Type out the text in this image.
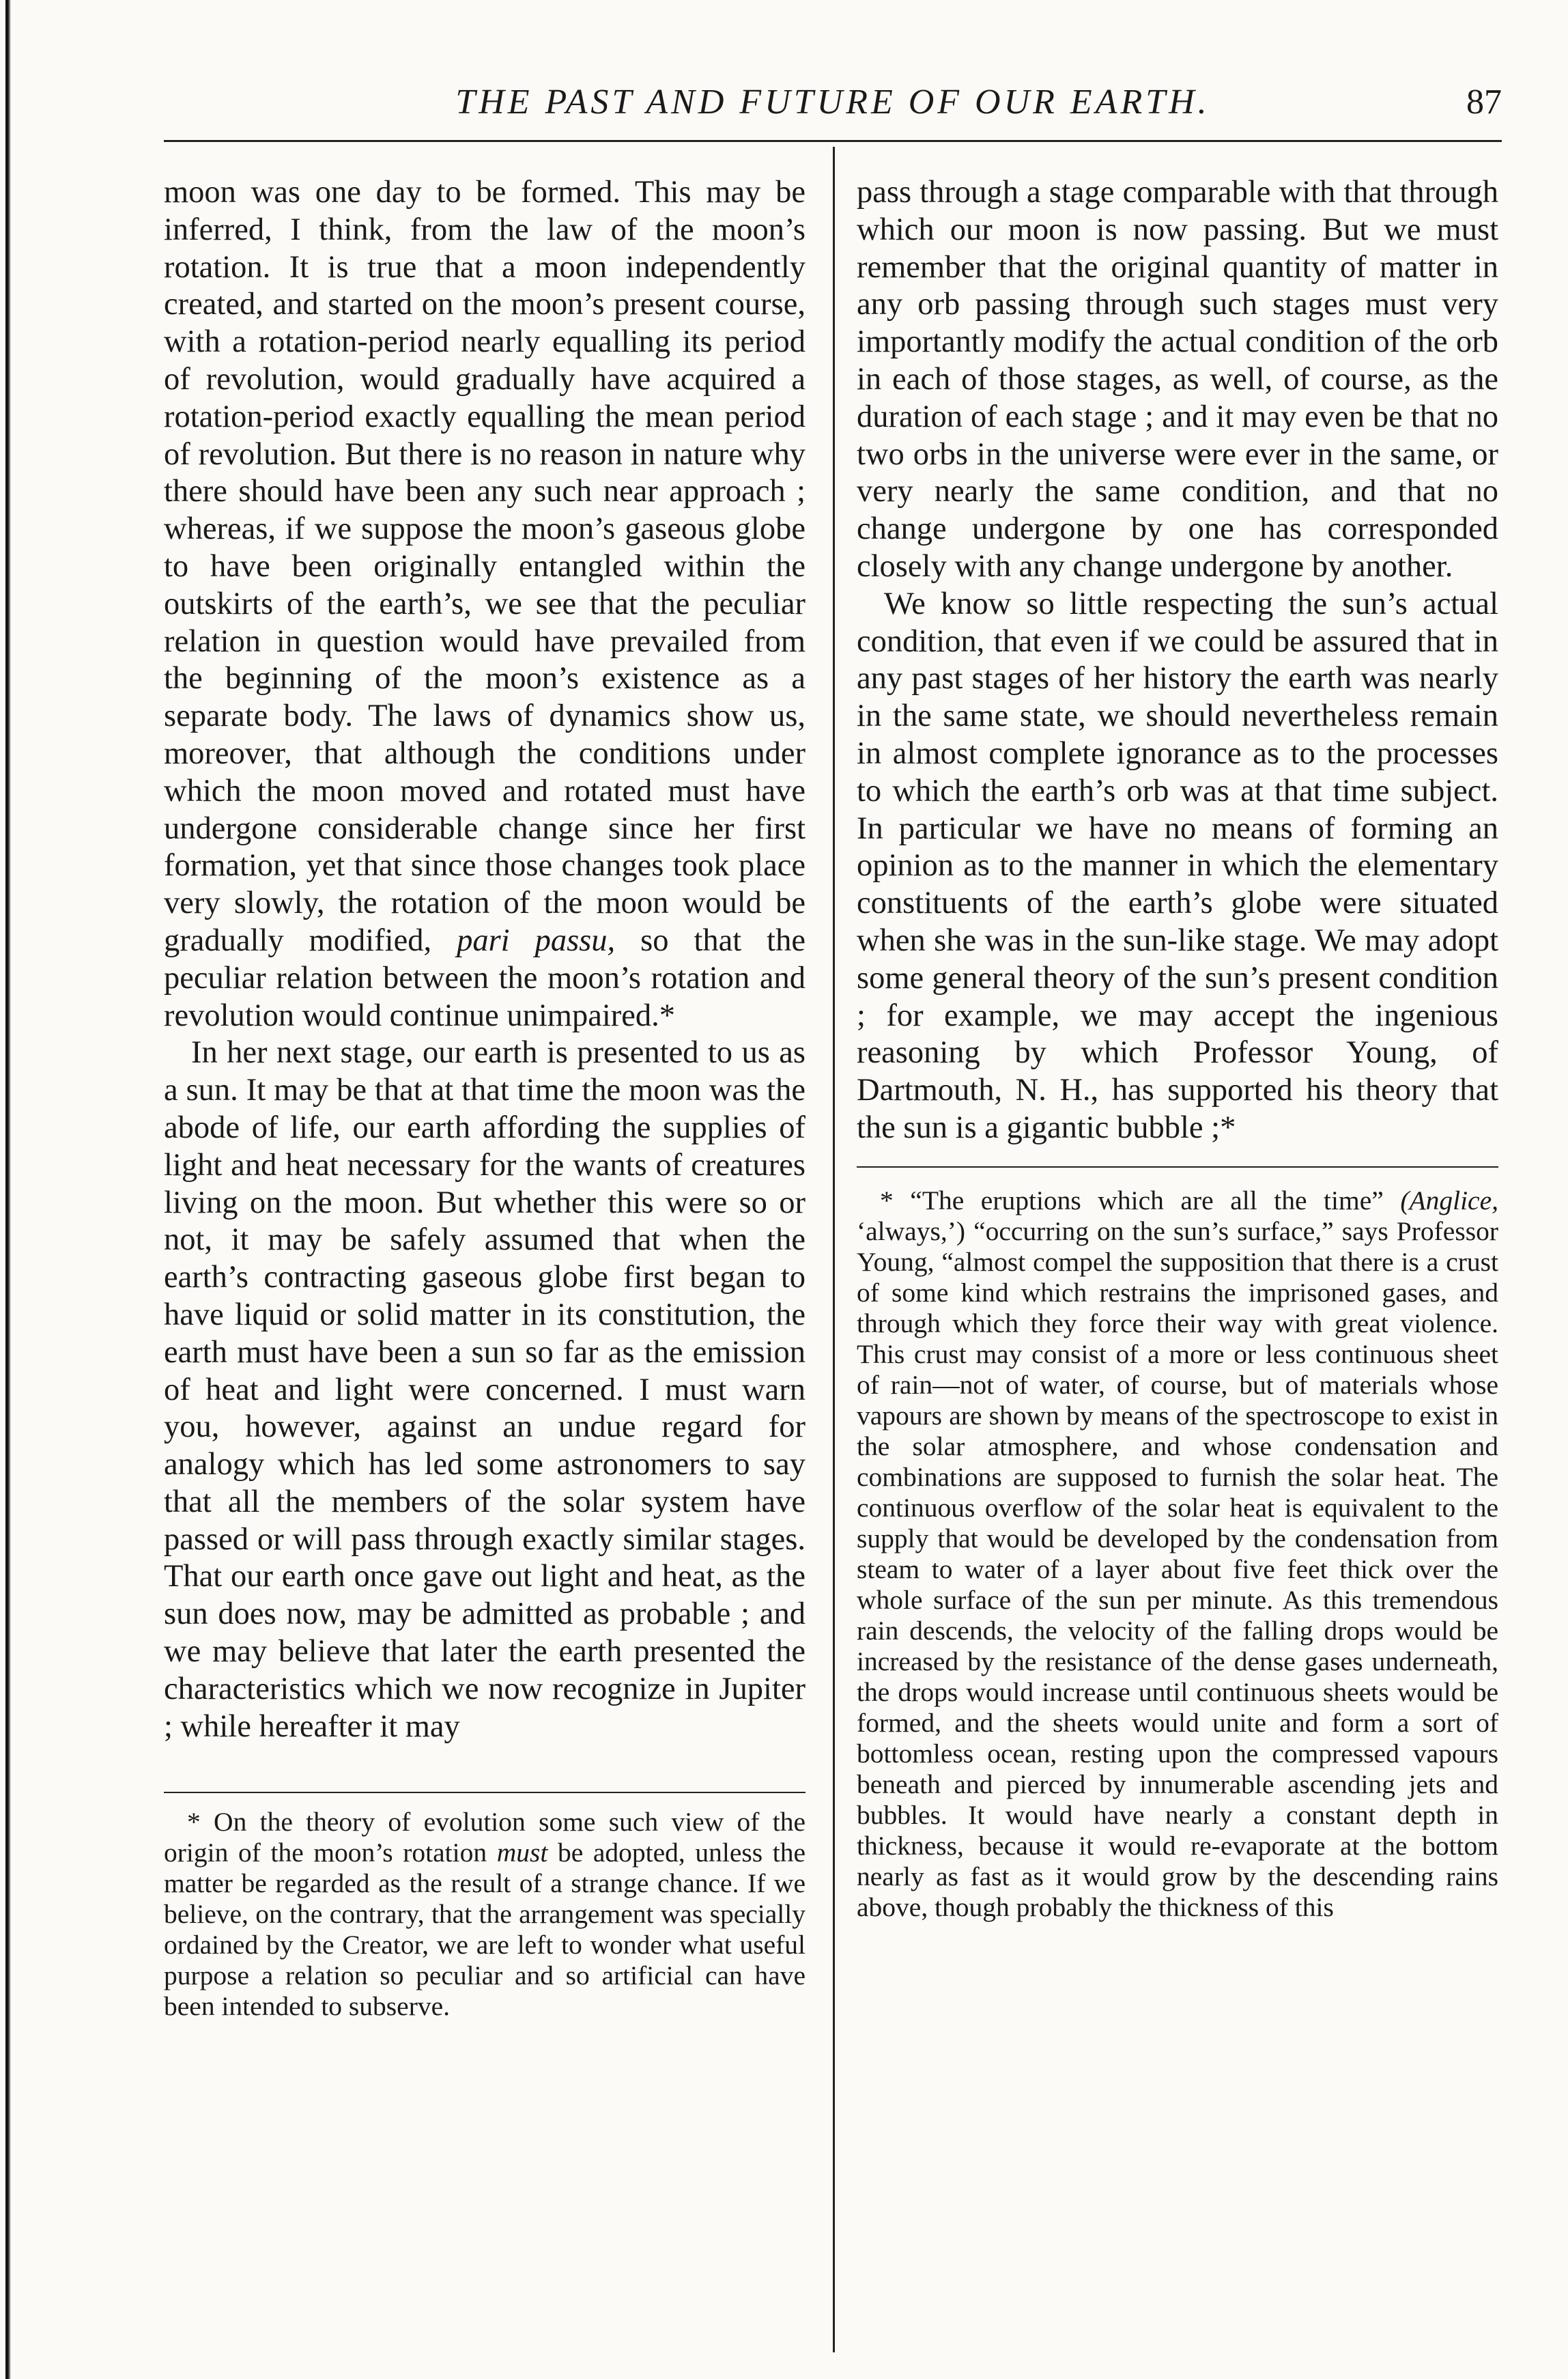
THE PAST AND FUTURE OF OUR EARTH.	87

moon was one day to be formed. This may be inferred, I think, from the law of the moon’s rotation. It is true that a moon independently created, and started on the moon’s present course, with a rotation-period nearly equalling its period of revolution, would gradually have acquired a rotation-period exactly equalling the mean period of revolution. But there is no reason in nature why there should have been any such near approach ; whereas, if we suppose the moon’s gaseous globe to have been originally entangled within the outskirts of the earth’s, we see that the peculiar relation in question would have prevailed from the beginning of the moon’s existence as a separate body. The laws of dynamics show us, moreover, that although the conditions under which the moon moved and rotated must have undergone considerable change since her first formation, yet that since those changes took place very slowly, the rotation of the moon would be gradually modified, pari passu, so that the peculiar relation between the moon’s rotation and revolution would continue unimpaired.*

In her next stage, our earth is presented to us as a sun. It may be that at that time the moon was the abode of life, our earth affording the supplies of light and heat necessary for the wants of creatures living on the moon. But whether this were so or not, it may be safely assumed that when the earth’s contracting gaseous globe first began to have liquid or solid matter in its constitution, the earth must have been a sun so far as the emission of heat and light were concerned. I must warn you, however, against an undue regard for analogy which has led some astronomers to say that all the members of the solar system have passed or will pass through exactly similar stages. That our earth once gave out light and heat, as the sun does now, may be admitted as probable ; and we may believe that later the earth presented the characteristics which we now recognize in Jupiter ; while hereafter it may

* On the theory of evolution some such view of the origin of the moon’s rotation must be adopted, unless the matter be regarded as the result of a strange chance. If we believe, on the contrary, that the arrangement was specially ordained by the Creator, we are left to wonder what useful purpose a relation so peculiar and so artificial can have been intended to subserve.

pass through a stage comparable with that through which our moon is now passing. But we must remember that the original quantity of matter in any orb passing through such stages must very importantly modify the actual condition of the orb in each of those stages, as well, of course, as the duration of each stage ; and it may even be that no two orbs in the universe were ever in the same, or very nearly the same condition, and that no change undergone by one has corresponded closely with any change undergone by another.

We know so little respecting the sun’s actual condition, that even if we could be assured that in any past stages of her history the earth was nearly in the same state, we should nevertheless remain in almost complete ignorance as to the processes to which the earth’s orb was at that time subject. In particular we have no means of forming an opinion as to the manner in which the elementary constituents of the earth’s globe were situated when she was in the sun-like stage. We may adopt some general theory of the sun’s present condition ; for example, we may accept the ingenious reasoning by which Professor Young, of Dartmouth, N. H., has supported his theory that the sun is a gigantic bubble ;*

* “The eruptions which are all the time” (Anglice, ‘always,’) “occurring on the sun’s surface,” says Professor Young, “almost compel the supposition that there is a crust of some kind which restrains the imprisoned gases, and through which they force their way with great violence. This crust may consist of a more or less continuous sheet of rain—not of water, of course, but of materials whose vapours are shown by means of the spectroscope to exist in the solar atmosphere, and whose condensation and combinations are supposed to furnish the solar heat. The continuous overflow of the solar heat is equivalent to the supply that would be developed by the condensation from steam to water of a layer about five feet thick over the whole surface of the sun per minute. As this tremendous rain descends, the velocity of the falling drops would be increased by the resistance of the dense gases underneath, the drops would increase until continuous sheets would be formed, and the sheets would unite and form a sort of bottomless ocean, resting upon the compressed vapours beneath and pierced by innumerable ascending jets and bubbles. It would have nearly a constant depth in thickness, because it would re-evaporate at the bottom nearly as fast as it would grow by the descending rains above, though probably the thickness of this
